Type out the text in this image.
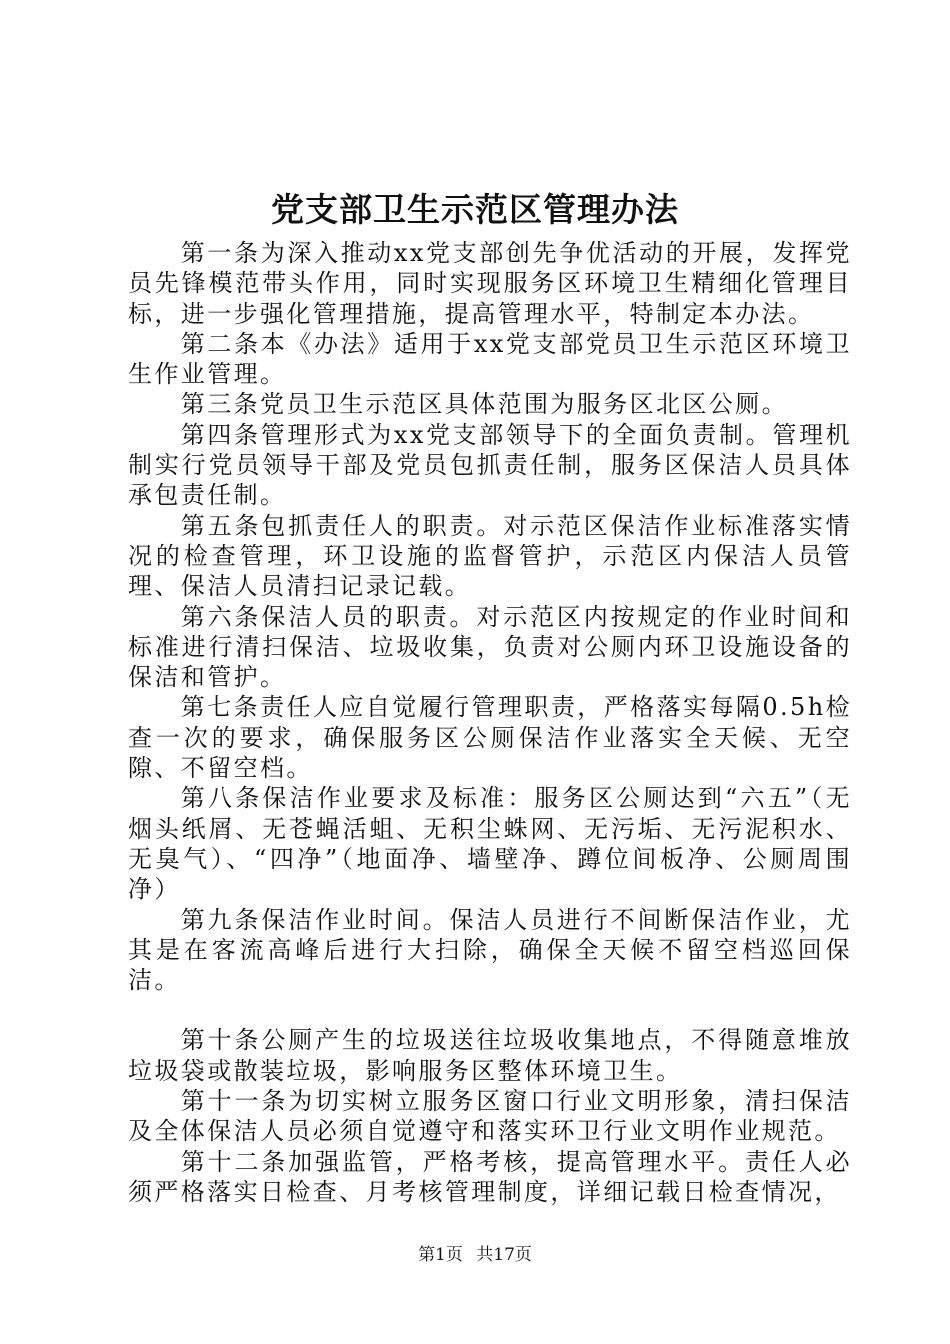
党支部卫生示范区管理办法

第一条为深入推动xx党支部创先争优活动的开展，发挥党员先锋模范带头作用，同时实现服务区环境卫生精细化管理目标，进一步强化管理措施，提高管理水平，特制定本办法。

第二条本《办法》适用于xx党支部党员卫生示范区环境卫生作业管理。

第三条党员卫生示范区具体范围为服务区北区公厕。

第四条管理形式为xx党支部领导下的全面负责制。管理机制实行党员领导干部及党员包抓责任制，服务区保洁人员具体承包责任制。

第五条包抓责任人的职责。对示范区保洁作业标准落实情况的检查管理，环卫设施的监督管护，示范区内保洁人员管理、保洁人员清扫记录记载。

第六条保洁人员的职责。对示范区内按规定的作业时间和标准进行清扫保洁、垃圾收集，负责对公厕内环卫设施设备的保洁和管护。

第七条责任人应自觉履行管理职责，严格落实每隔0.5h检查一次的要求，确保服务区公厕保洁作业落实全天候、无空隙、不留空档。

第八条保洁作业要求及标准：服务区公厕达到“六五”（无烟头纸屑、无苍蝇活蛆、无积尘蛛网、无污垢、无污泥积水、无臭气）、“四净”（地面净、墙壁净、蹲位间板净、公厕周围净）

第九条保洁作业时间。保洁人员进行不间断保洁作业，尤其是在客流高峰后进行大扫除，确保全天候不留空档巡回保洁。

第十条公厕产生的垃圾送往垃圾收集地点，不得随意堆放垃圾袋或散装垃圾，影响服务区整体环境卫生。

第十一条为切实树立服务区窗口行业文明形象，清扫保洁及全体保洁人员必须自觉遵守和落实环卫行业文明作业规范。

第十二条加强监管，严格考核，提高管理水平。责任人必须严格落实日检查、月考核管理制度，详细记载日检查情况，

第1页 共17页
